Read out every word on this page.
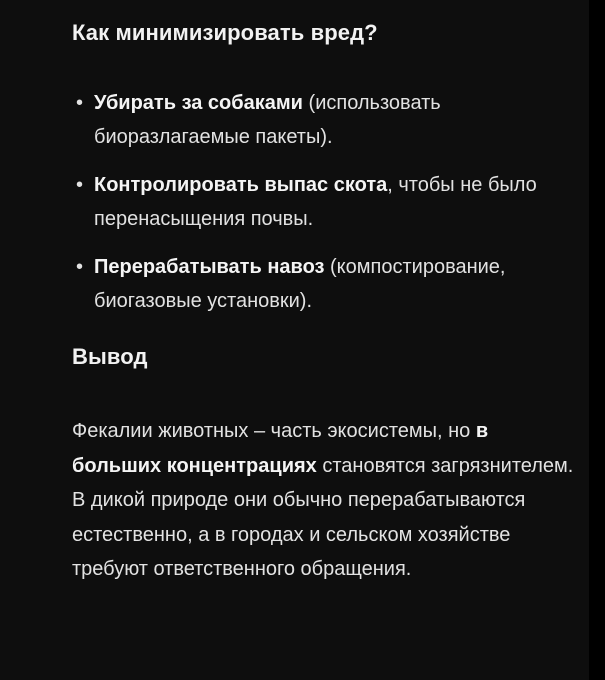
Как минимизировать вред?
• Убирать за собаками (использовать биоразлагаемые пакеты).
• Контролировать выпас скота, чтобы не было перенасыщения почвы.
• Перерабатывать навоз (компостирование, биогазовые установки).
Вывод

Фекалии животных – часть экосистемы, но в больших концентрациях становятся загрязнителем. В дикой природе они обычно перерабатываются естественно, а в городах и сельском хозяйстве требуют ответственного обращения.
